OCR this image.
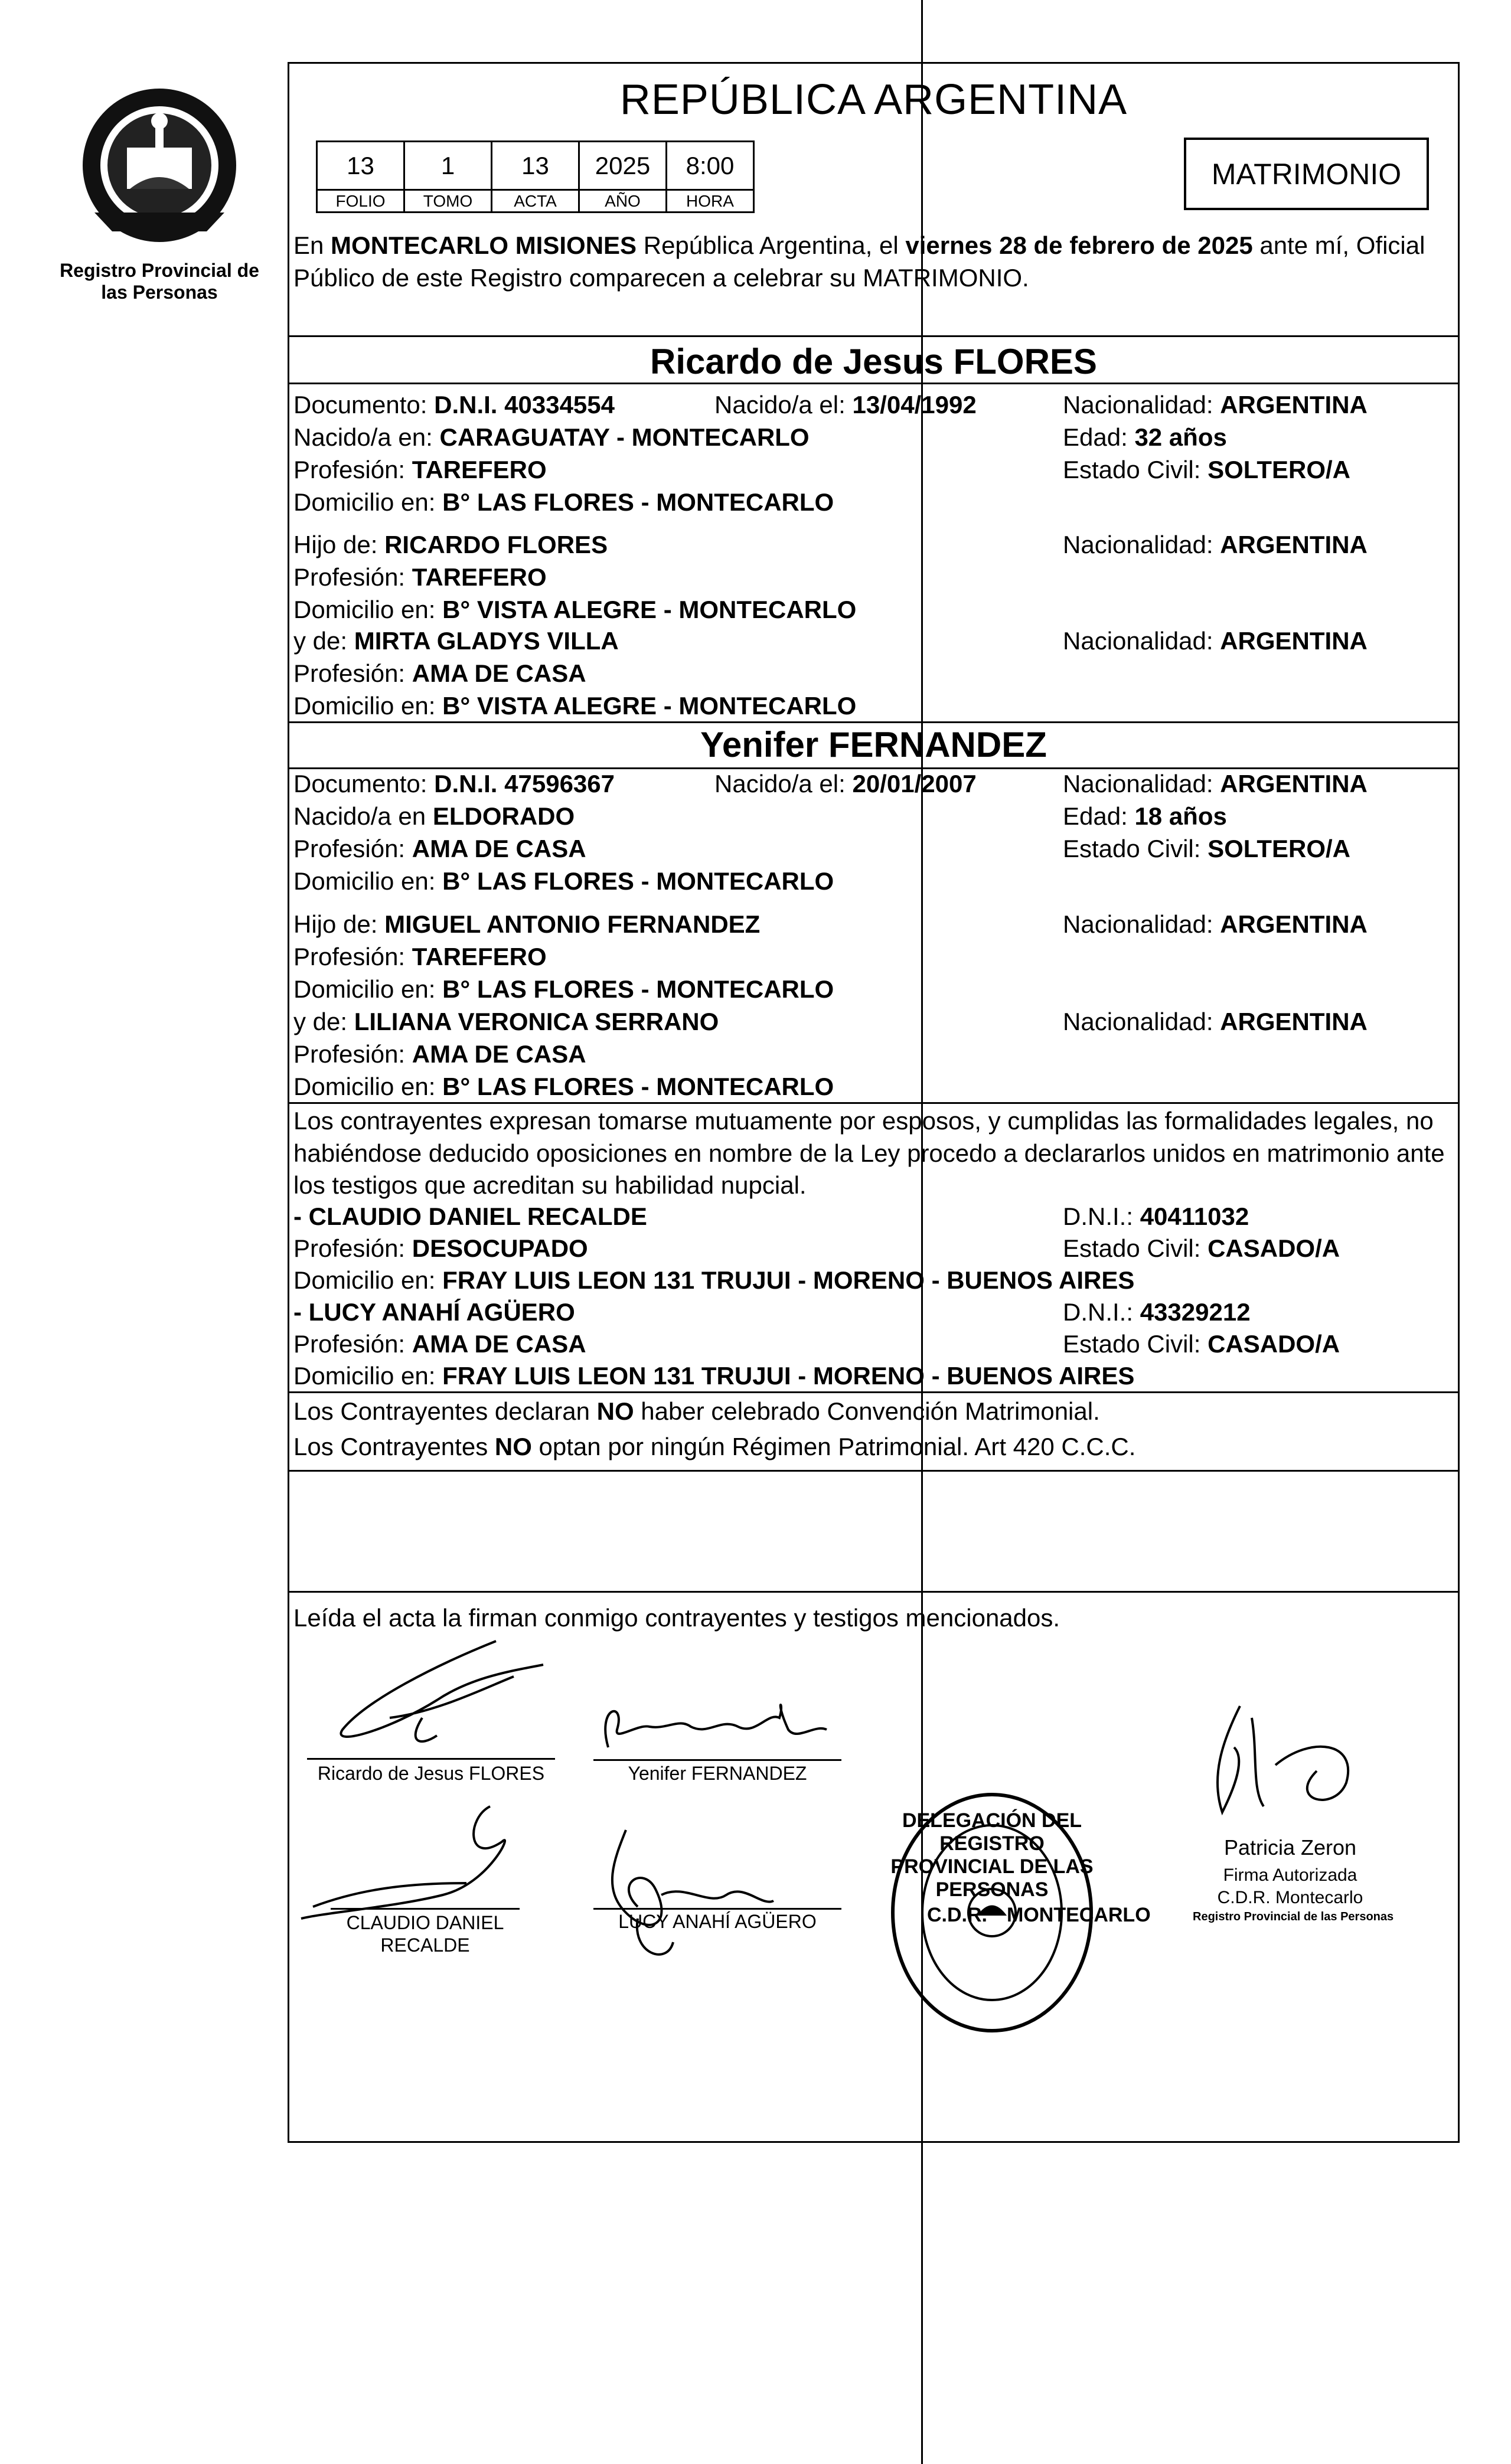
Registro Provincial de las Personas
REPÚBLICA ARGENTINA
13	1	13	2025	8:00
FOLIO	TOMO	ACTA	AÑO	HORA
MATRIMONIO
En MONTECARLO MISIONES República Argentina, el viernes 28 de febrero de 2025 ante mí, Oficial Público de este Registro comparecen a celebrar su MATRIMONIO.
Ricardo de Jesus FLORES
Documento: D.N.I. 40334554	Nacido/a el: 13/04/1992	Nacionalidad: ARGENTINA
Nacido/a en: CARAGUATAY - MONTECARLO	Edad: 32 años
Profesión: TAREFERO	Estado Civil: SOLTERO/A
Domicilio en: B° LAS FLORES - MONTECARLO
Hijo de: RICARDO FLORES	Nacionalidad: ARGENTINA
Profesión: TAREFERO
Domicilio en: B° VISTA ALEGRE - MONTECARLO
y de: MIRTA GLADYS VILLA	Nacionalidad: ARGENTINA
Profesión: AMA DE CASA
Domicilio en: B° VISTA ALEGRE - MONTECARLO
Yenifer FERNANDEZ
Documento: D.N.I. 47596367	Nacido/a el: 20/01/2007	Nacionalidad: ARGENTINA
Nacido/a en ELDORADO	Edad: 18 años
Profesión: AMA DE CASA	Estado Civil: SOLTERO/A
Domicilio en: B° LAS FLORES - MONTECARLO
Hijo de: MIGUEL ANTONIO FERNANDEZ	Nacionalidad: ARGENTINA
Profesión: TAREFERO
Domicilio en: B° LAS FLORES - MONTECARLO
y de: LILIANA VERONICA SERRANO	Nacionalidad: ARGENTINA
Profesión: AMA DE CASA
Domicilio en: B° LAS FLORES - MONTECARLO
Los contrayentes expresan tomarse mutuamente por esposos, y cumplidas las formalidades legales, no habiéndose deducido oposiciones en nombre de la Ley procedo a declararlos unidos en matrimonio ante los testigos que acreditan su habilidad nupcial.
- CLAUDIO DANIEL RECALDE	D.N.I.: 40411032
Profesión: DESOCUPADO	Estado Civil: CASADO/A
Domicilio en: FRAY LUIS LEON 131 TRUJUI - MORENO - BUENOS AIRES
- LUCY ANAHÍ AGÜERO	D.N.I.: 43329212
Profesión: AMA DE CASA	Estado Civil: CASADO/A
Domicilio en: FRAY LUIS LEON 131 TRUJUI - MORENO - BUENOS AIRES
Los Contrayentes declaran NO haber celebrado Convención Matrimonial.
Los Contrayentes NO optan por ningún Régimen Patrimonial. Art 420 C.C.C.
Leída el acta la firman conmigo contrayentes y testigos mencionados.
Ricardo de Jesus FLORES	Yenifer FERNANDEZ
CLAUDIO DANIEL
RECALDE
LUCY ANAHÍ AGÜERO
DELEGACIÓN DEL REGISTRO PROVINCIAL DE LAS PERSONAS
C.D.R. MONTECARLO
Patricia Zeron
Firma Autorizada
C.D.R. Montecarlo
Registro Provincial de las Personas
